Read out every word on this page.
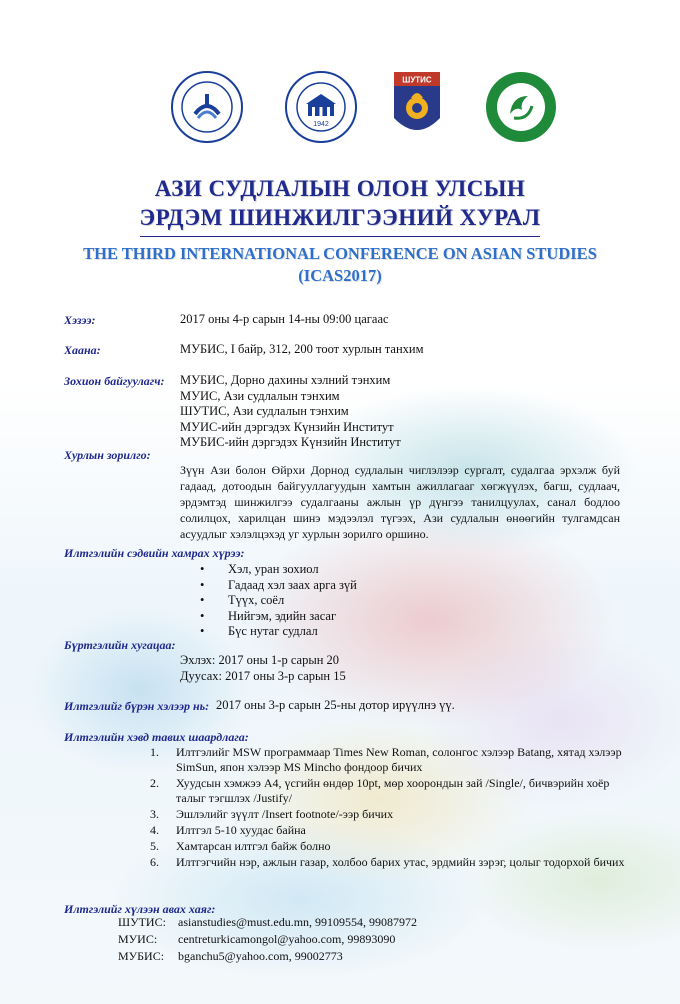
1942
ШУТИС
АЗИ СУДЛАЛЫН ОЛОН УЛСЫН
ЭРДЭМ ШИНЖИЛГЭЭНИЙ ХУРАЛ
THE THIRD INTERNATIONAL CONFERENCE ON ASIAN STUDIES
(ICAS2017)
Хэзээ:	2017 оны 4-р сарын 14-ны 09:00 цагаас
Хаана:	МУБИС, I байр, 312, 200 тоот хурлын танхим
Зохион байгуулагч: МУБИС, Дорно дахины хэлний тэнхим
МУИС, Ази судлалын тэнхим
ШУТИС, Ази судлалын тэнхим
МУИС-ийн дэргэдэх Күнзийн Институт
МУБИС-ийн дэргэдэх Күнзийн Институт
Хурлын зорилго:
Зүүн Ази болон Өйрхи Дорнод судлалын чиглэлээр сургалт, судалгаа эрхэлж буй гадаад, дотоодын байгууллагуудын хамтын ажиллагааг хөгжүүлэх, багш, судлаач, эрдэмтэд шинжилгээ судалгааны ажлын үр дүнгээ танилцуулах, санал бодлоо солилцох, харилцан шинэ мэдээлэл түгээх, Ази судлалын өнөөгийн тулгамдсан асуудлыг хэлэлцэхэд уг хурлын зорилго оршино.
Илтгэлийн сэдвийн хамрах хүрээ:
• Хэл, уран зохиол
• Гадаад хэл заах арга зүй
• Түүх, соёл
• Нийгэм, эдийн засаг
• Бүс нутаг судлал
Бүртгэлийн хугацаа:
Эхлэх: 2017 оны 1-р сарын 20
Дуусах: 2017 оны 3-р сарын 15
Илтгэлийг бүрэн хэлээр нь: 2017 оны 3-р сарын 25-ны дотор ирүүлнэ үү.
Илтгэлийн хэвд тавих шаардлага:
1. Илтгэлийг MSW программаар Times New Roman, солонгос хэлээр Batang, хятад хэлээр SimSun, япон хэлээр MS Mincho фондоор бичих
2. Хуудсын хэмжээ A4, үсгийн өндөр 10pt, мөр хоорондын зай /Single/, бичвэрийн хоёр талыг тэгшлэх /Justify/
3. Эшлэлийг зүүлт /Insert footnote/-ээр бичих
4. Илтгэл 5-10 хуудас байна
5. Хамтарсан илтгэл байж болно
6. Илтгэгчийн нэр, ажлын газар, холбоо барих утас, эрдмийн зэрэг, цолыг тодорхой бичих
Илтгэлийг хүлээн авах хаяг:
ШУТИС: asianstudies@must.edu.mn, 99109554, 99087972
МУИС: centreturkicamongol@yahoo.com, 99893090
МУБИС: bganchu5@yahoo.com, 99002773
